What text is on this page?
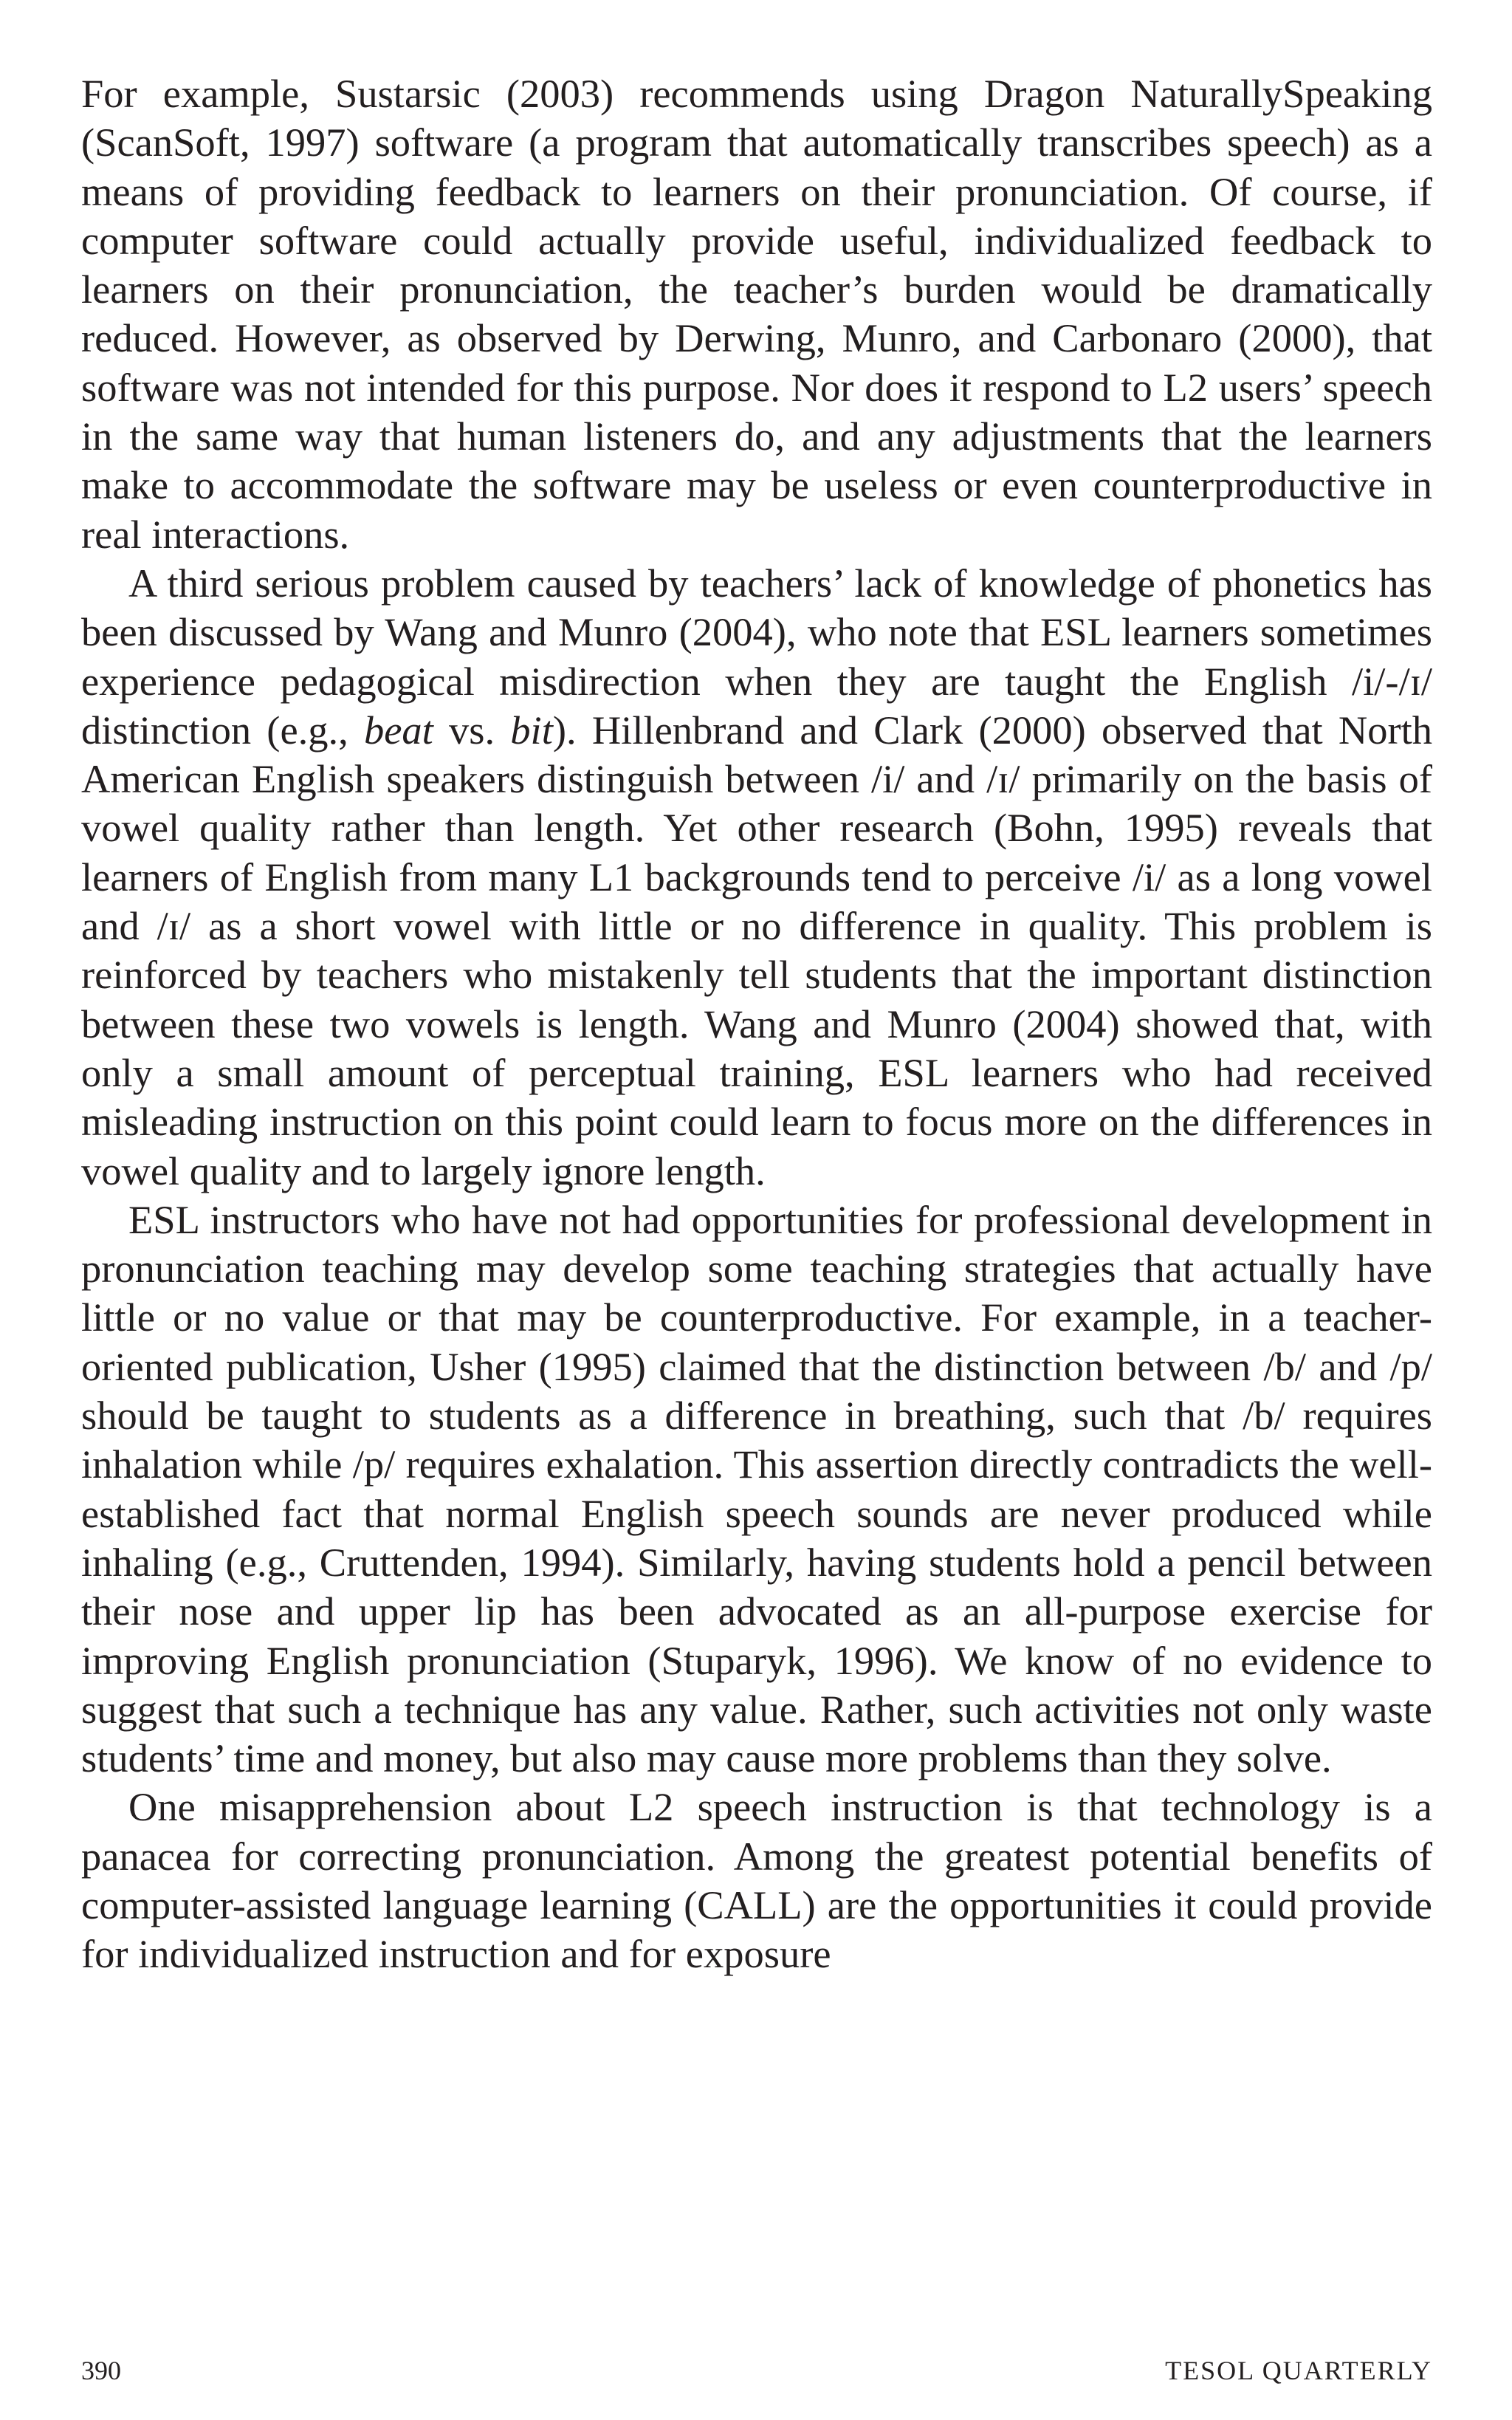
For example, Sustarsic (2003) recommends using Dragon NaturallySpeaking (ScanSoft, 1997) software (a program that automatically transcribes speech) as a means of providing feedback to learners on their pronunciation. Of course, if computer software could actually provide useful, individualized feedback to learners on their pronunciation, the teacher’s burden would be dramatically reduced. However, as observed by Derwing, Munro, and Carbonaro (2000), that software was not intended for this purpose. Nor does it respond to L2 users’ speech in the same way that human listeners do, and any adjustments that the learners make to accommodate the software may be useless or even counterproductive in real interactions.

A third serious problem caused by teachers’ lack of knowledge of phonetics has been discussed by Wang and Munro (2004), who note that ESL learners sometimes experience pedagogical misdirection when they are taught the English /i/-/ɪ/ distinction (e.g., beat vs. bit). Hillenbrand and Clark (2000) observed that North American English speakers distinguish between /i/ and /ɪ/ primarily on the basis of vowel quality rather than length. Yet other research (Bohn, 1995) reveals that learners of English from many L1 backgrounds tend to perceive /i/ as a long vowel and /ɪ/ as a short vowel with little or no difference in quality. This problem is reinforced by teachers who mistakenly tell students that the important distinction between these two vowels is length. Wang and Munro (2004) showed that, with only a small amount of perceptual training, ESL learners who had received misleading instruction on this point could learn to focus more on the differences in vowel quality and to largely ignore length.

ESL instructors who have not had opportunities for professional development in pronunciation teaching may develop some teaching strategies that actually have little or no value or that may be counterproductive. For example, in a teacher-oriented publication, Usher (1995) claimed that the distinction between /b/ and /p/ should be taught to students as a difference in breathing, such that /b/ requires inhalation while /p/ requires exhalation. This assertion directly contradicts the well-established fact that normal English speech sounds are never produced while inhaling (e.g., Cruttenden, 1994). Similarly, having students hold a pencil between their nose and upper lip has been advocated as an all-purpose exercise for improving English pronunciation (Stuparyk, 1996). We know of no evidence to suggest that such a technique has any value. Rather, such activities not only waste students’ time and money, but also may cause more problems than they solve.

One misapprehension about L2 speech instruction is that technology is a panacea for correcting pronunciation. Among the greatest potential benefits of computer-assisted language learning (CALL) are the opportunities it could provide for individualized instruction and for exposure

390	TESOL QUARTERLY
